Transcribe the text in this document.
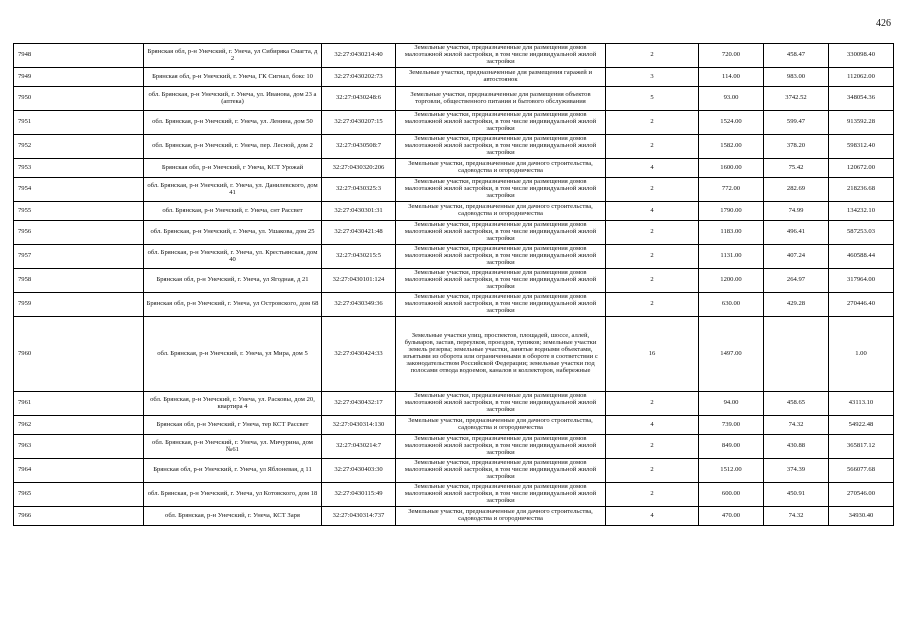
426
7948	Брянская обл, р-н Унечский, г. Унеча, ул Сибиряка Смагта, д 2	32:27:0430214:40	Земельные участки, предназначенные для размещения домов малоэтажной жилой застройки, в том числе индивидуальной жилой застройки	2	720.00	458.47	330098.40
7949	Брянская обл, р-н Унечский, г. Унеча, ГК Сигнал, бокс 10	32:27:0430202:73	Земельные участки, предназначенные для размещения гаражей и автостоянок	3	114.00	983.00	112062.00
7950	обл. Брянская, р-н Унечский, г. Унеча, ул. Иванова, дом 23 а (аптека)	32:27:0430248:6	Земельные участки, предназначенные для размещения объектов торговли, общественного питания и бытового обслуживания	5	93.00	3742.52	348054.36
7951	обл. Брянская, р-н Унечский, г. Унеча, ул. Ленина, дом 50	32:27:0430207:15	Земельные участки, предназначенные для размещения домов малоэтажной жилой застройки, в том числе индивидуальной жилой застройки	2	1524.00	599.47	913592.28
7952	обл. Брянская, р-н Унечский, г. Унеча, пер. Лесной, дом 2	32:27:0430508:7	Земельные участки, предназначенные для размещения домов малоэтажной жилой застройки, в том числе индивидуальной жилой застройки	2	1582.00	378.20	598312.40
7953	Брянская обл, р-н Унечский, г Унеча, КСТ Урожай	32:27:0430320:206	Земельные участки, предназначенные для дачного строительства, садоводства и огородничества	4	1600.00	75.42	120672.00
7954	обл. Брянская, р-н Унечский, г. Унеча, ул. Данилевского, дом 41	32:27:0430325:3	Земельные участки, предназначенные для размещения домов малоэтажной жилой застройки, в том числе индивидуальной жилой застройки	2	772.00	282.69	218236.68
7955	обл. Брянская, р-н Унечский, г. Унеча, снт Рассвет	32:27:0430301:31	Земельные участки, предназначенные для дачного строительства, садоводства и огородничества	4	1790.00	74.99	134232.10
7956	обл. Брянская, р-н Унечский, г. Унеча, ул. Ушакова, дом 25	32:27:0430421:48	Земельные участки, предназначенные для размещения домов малоэтажной жилой застройки, в том числе индивидуальной жилой застройки	2	1183.00	496.41	587253.03
7957	обл. Брянская, р-н Унечский, г. Унеча, ул. Крестьянская, дом 40	32:27:0430215:5	Земельные участки, предназначенные для размещения домов малоэтажной жилой застройки, в том числе индивидуальной жилой застройки	2	1131.00	407.24	460588.44
7958	Брянская обл, р-н Унечский, г. Унеча, ул Ягодная, д 21	32:27:0430101:124	Земельные участки, предназначенные для размещения домов малоэтажной жилой застройки, в том числе индивидуальной жилой застройки	2	1200.00	264.97	317964.00
7959	Брянская обл, р-н Унечский, г. Унеча, ул Островского, дом 68	32:27:0430349:36	Земельные участки, предназначенные для размещения домов малоэтажной жилой застройки, в том числе индивидуальной жилой застройки	2	630.00	429.28	270446.40
7960	обл. Брянская, р-н Унечский, г. Унеча, ул Мира, дом 5	32:27:0430424:33	Земельные участки улиц, проспектов, площадей, шоссе, аллей, бульваров, застав, переулков, проездов, тупиков; земельные участки земель резерва; земельные участки, занятые водными объектами, изъятыми из оборота или ограниченными в обороте в соответствии с законодательством Российской Федерации; земельные участки под полосами отвода водоемов, каналов и коллекторов, набережные	16	1497.00		1.00
7961	обл. Брянская, р-н Унечский, г. Унеча, ул. Расковы, дом 20, квартира 4	32:27:0430432:17	Земельные участки, предназначенные для размещения домов малоэтажной жилой застройки, в том числе индивидуальной жилой застройки	2	94.00	458.65	43113.10
7962	Брянская обл, р-н Унечский, г Унеча, тер КСТ Рассвет	32:27:0430314:130	Земельные участки, предназначенные для дачного строительства, садоводства и огородничества	4	739.00	74.32	54922.48
7963	обл. Брянская, р-н Унечский, г. Унеча, ул. Мичурина, дом №61	32:27:0430214:7	Земельные участки, предназначенные для размещения домов малоэтажной жилой застройки, в том числе индивидуальной жилой застройки	2	849.00	430.88	365817.12
7964	Брянская обл, р-н Унечский, г. Унеча, ул Яблоневая, д 11	32:27:0430403:30	Земельные участки, предназначенные для размещения домов малоэтажной жилой застройки, в том числе индивидуальной жилой застройки	2	1512.00	374.39	566077.68
7965	обл. Брянская, р-н Унечский, г. Унеча, ул Котовского, дом 18	32:27:0430115:49	Земельные участки, предназначенные для размещения домов малоэтажной жилой застройки, в том числе индивидуальной жилой застройки	2	600.00	450.91	270546.00
7966	обл. Брянская, р-н Унечский, г. Унеча, КСТ Заря	32:27:0430314:737	Земельные участки, предназначенные для дачного строительства, садоводства и огородничества	4	470.00	74.32	34930.40
